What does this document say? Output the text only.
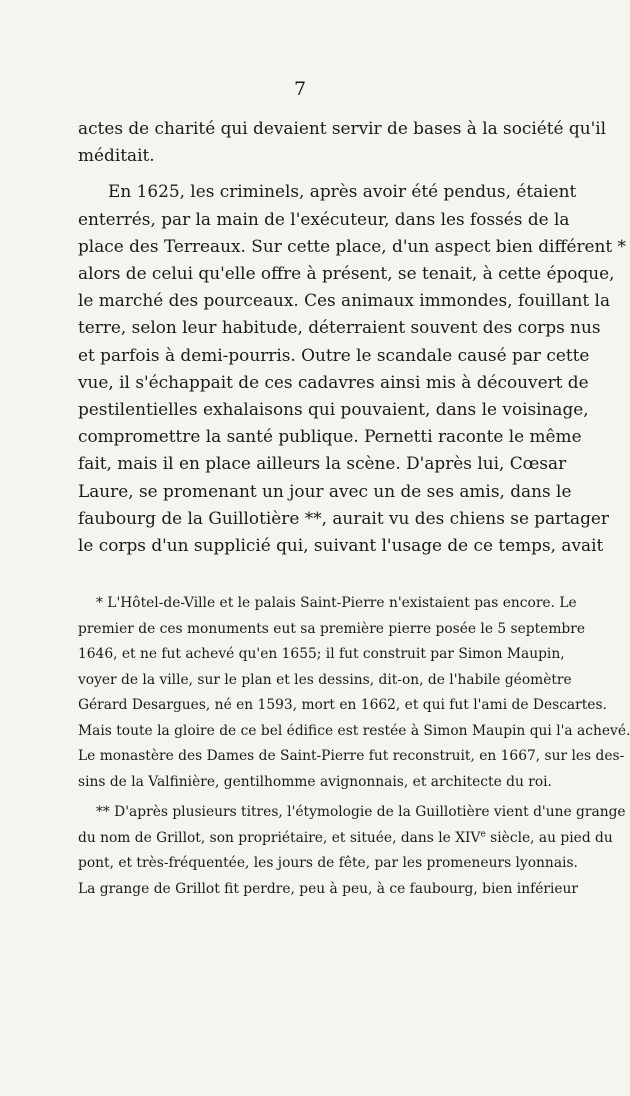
7

actes de charité qui devaient servir de bases à la société qu'il
méditait.

En 1625, les criminels, après avoir été pendus, étaient
enterrés, par la main de l'exécuteur, dans les fossés de la
place des Terreaux. Sur cette place, d'un aspect bien différent *
alors de celui qu'elle offre à présent, se tenait, à cette époque,
le marché des pourceaux. Ces animaux immondes, fouillant la
terre, selon leur habitude, déterraient souvent des corps nus
et parfois à demi-pourris. Outre le scandale causé par cette
vue, il s'échappait de ces cadavres ainsi mis à découvert de
pestilentielles exhalaisons qui pouvaient, dans le voisinage,
compromettre la santé publique. Pernetti raconte le même
fait, mais il en place ailleurs la scène. D'après lui, Cœsar
Laure, se promenant un jour avec un de ses amis, dans le
faubourg de la Guillotière **, aurait vu des chiens se partager
le corps d'un supplicié qui, suivant l'usage de ce temps, avait

* L'Hôtel-de-Ville et le palais Saint-Pierre n'existaient pas encore. Le
premier de ces monuments eut sa première pierre posée le 5 septembre
1646, et ne fut achevé qu'en 1655; il fut construit par Simon Maupin,
voyer de la ville, sur le plan et les dessins, dit-on, de l'habile géomètre
Gérard Desargues, né en 1593, mort en 1662, et qui fut l'ami de Descartes.
Mais toute la gloire de ce bel édifice est restée à Simon Maupin qui l'a achevé.
Le monastère des Dames de Saint-Pierre fut reconstruit, en 1667, sur les des-
sins de la Valfinière, gentilhomme avignonnais, et architecte du roi.

** D'après plusieurs titres, l'étymologie de la Guillotière vient d'une grange
du nom de Grillot, son propriétaire, et située, dans le XIVe siècle, au pied du
pont, et très-fréquentée, les jours de fête, par les promeneurs lyonnais.
La grange de Grillot fit perdre, peu à peu, à ce faubourg, bien inférieur
